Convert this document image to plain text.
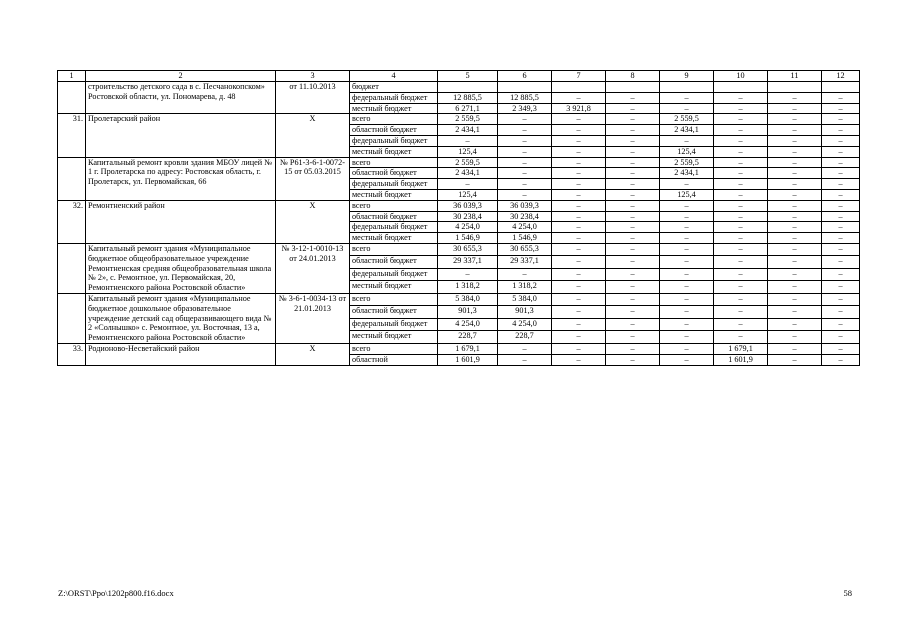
1	2	3	4	5	6	7	8	9	10	11	12
	строительство детского сада в с. Песчанокопском» Ростовской области, ул. Пономарева, д. 48	от 11.10.2013	бюджет								
			федеральный бюджет	12 885,5	12 885,5	–	–	–	–	–	–
			местный бюджет	6 271,1	2 349,3	3 921,8	–	–	–	–	–
31.	Пролетарский район	Х	всего	2 559,5	–	–	–	2 559,5	–	–	–
			областной бюджет	2 434,1	–	–	–	2 434,1	–	–	–
			федеральный бюджет	–	–	–	–	–	–	–	–
			местный бюджет	125,4	–	–	–	125,4	–	–	–
	Капитальный ремонт кровли здания МБОУ лицей № 1 г. Пролетарска по адресу: Ростовская область, г. Пролетарск, ул. Первомайская, 66	№ Р61-3-6-1-0072-15 от 05.03.2015	всего	2 559,5	–	–	–	2 559,5	–	–	–
			областной бюджет	2 434,1	–	–	–	2 434,1	–	–	–
			федеральный бюджет	–	–	–	–	–	–	–	–
			местный бюджет	125,4	–	–	–	125,4	–	–	–
32.	Ремонтненский район	Х	всего	36 039,3	36 039,3	–	–	–	–	–	–
			областной бюджет	30 238,4	30 238,4	–	–	–	–	–	–
			федеральный бюджет	4 254,0	4 254,0	–	–	–	–	–	–
			местный бюджет	1 546,9	1 546,9	–	–	–	–	–	–
	Капитальный ремонт здания «Муниципальное бюджетное общеобразовательное учреждение Ремонтненская средняя общеобразовательная школа № 2», с. Ремонтное, ул. Первомайская, 20, Ремонтненского района Ростовской области»	№ 3-12-1-0010-13 от 24.01.2013	всего	30 655,3	30 655,3	–	–	–	–	–	–
			областной бюджет	29 337,1	29 337,1	–	–	–	–	–	–
			федеральный бюджет	–	–	–	–	–	–	–	–
			местный бюджет	1 318,2	1 318,2	–	–	–	–	–	–
	Капитальный ремонт здания «Муниципальное бюджетное дошкольное образовательное учреждение детский сад общеразвивающего вида № 2 «Солнышко» с. Ремонтное, ул. Восточная, 13 а, Ремонтненского района Ростовской области»	№ 3-6-1-0034-13 от 21.01.2013	всего	5 384,0	5 384,0	–	–	–	–	–	–
			областной бюджет	901,3	901,3	–	–	–	–	–	–
			федеральный бюджет	4 254,0	4 254,0	–	–	–	–	–	–
			местный бюджет	228,7	228,7	–	–	–	–	–	–
33.	Родионово-Несветайский район	Х	всего	1 679,1	–	–	–	–	1 679,1	–	–
			областной	1 601,9	–	–	–	–	1 601,9	–	–
Z:\ORST\Ppo\1202p800.f16.docx	58
